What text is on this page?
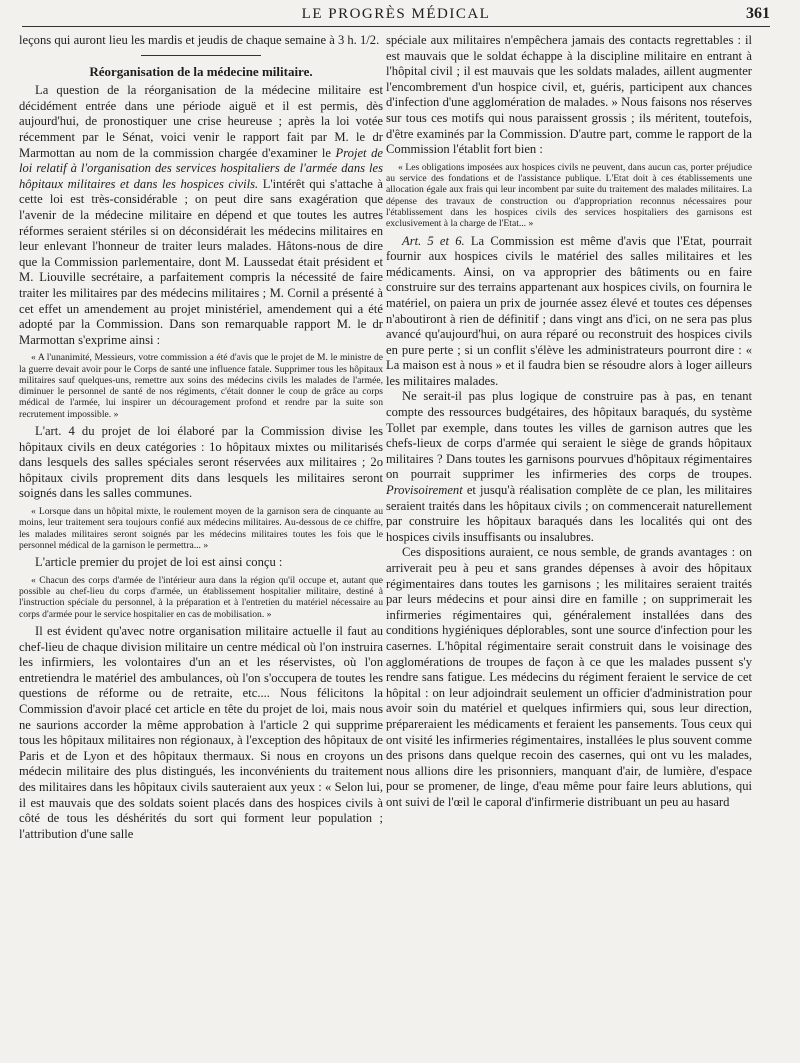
LE PROGRÈS MÉDICAL	361

leçons qui auront lieu les mardis et jeudis de chaque semaine à 3 h. 1/2.

Réorganisation de la médecine militaire.

La question de la réorganisation de la médecine militaire est décidément entrée dans une période aiguë et il est permis, dès aujourd'hui, de pronostiquer une crise heureuse ; après la loi votée récemment par le Sénat, voici venir le rapport fait par M. le dr Marmottan au nom de la commission chargée d'examiner le Projet de loi relatif à l'organisation des services hospitaliers de l'armée dans les hôpitaux militaires et dans les hospices civils. L'intérêt qui s'attache à cette loi est très-considérable ; on peut dire sans exagération que l'avenir de la médecine militaire en dépend et que toutes les autres réformes seraient stériles si on déconsidérait les médecins militaires en leur enlevant l'honneur de traiter leurs malades. Hâtons-nous de dire que la Commission parlementaire, dont M. Laussedat était président et M. Liouville secrétaire, a parfaitement compris la nécessité de faire traiter les militaires par des médecins militaires ; M. Cornil a présenté à cet effet un amendement au projet ministériel, amendement qui a été adopté par la Commission. Dans son remarquable rapport M. le dr Marmottan s'exprime ainsi :

« A l'unanimité, Messieurs, votre commission a été d'avis que le projet de M. le ministre de la guerre devait avoir pour le Corps de santé une influence fatale. Supprimer tous les hôpitaux militaires sauf quelques-uns, remettre aux soins des médecins civils les malades de l'armée, diminuer le personnel de santé de nos régiments, c'était donner le coup de grâce au corps médical de l'armée, lui inspirer un découragement profond et rendre par la suite son recrutement impossible. »

L'art. 4 du projet de loi élaboré par la Commission divise les hôpitaux civils en deux catégories : 1o hôpitaux mixtes ou militarisés dans lesquels des salles spéciales seront réservées aux militaires ; 2o hôpitaux civils proprement dits dans lesquels les militaires seront soignés dans les salles communes.

« Lorsque dans un hôpital mixte, le roulement moyen de la garnison sera de cinquante au moins, leur traitement sera toujours confié aux médecins militaires. Au-dessous de ce chiffre, les malades militaires seront soignés par les médecins militaires toutes les fois que le personnel médical de la garnison le permettra... »

L'article premier du projet de loi est ainsi conçu :

« Chacun des corps d'armée de l'intérieur aura dans la région qu'il occupe et, autant que possible au chef-lieu du corps d'armée, un établissement hospitalier militaire, destiné à l'instruction spéciale du personnel, à la préparation et à l'entretien du matériel nécessaire au corps d'armée pour le service hospitalier en cas de mobilisation. »

Il est évident qu'avec notre organisation militaire actuelle il faut au chef-lieu de chaque division militaire un centre médical où l'on instruira les infirmiers, les volontaires d'un an et les réservistes, où l'on entretiendra le matériel des ambulances, où l'on s'occupera de toutes les questions de réforme ou de retraite, etc.... Nous félicitons la Commission d'avoir placé cet article en tête du projet de loi, mais nous ne saurions accorder la même approbation à l'article 2 qui supprime tous les hôpitaux militaires non régionaux, à l'exception des hôpitaux de Paris et de Lyon et des hôpitaux thermaux. Si nous en croyons un médecin militaire des plus distingués, les inconvénients du traitement des militaires dans les hôpitaux civils sauteraient aux yeux : « Selon lui, il est mauvais que des soldats soient placés dans des hospices civils à côté de tous les déshérités du sort qui forment leur population ; l'attribution d'une salle

spéciale aux militaires n'empêchera jamais des contacts regrettables : il est mauvais que le soldat échappe à la discipline militaire en entrant à l'hôpital civil ; il est mauvais que les soldats malades, aillent augmenter l'encombrement d'un hospice civil, et, guéris, participent aux chances d'infection d'une agglomération de malades. » Nous faisons nos réserves sur tous ces motifs qui nous paraissent grossis ; ils méritent, toutefois, d'être examinés par la Commission. D'autre part, comme le rapport de la Commission l'établit fort bien :

« Les obligations imposées aux hospices civils ne peuvent, dans aucun cas, porter préjudice au service des fondations et de l'assistance publique. L'Etat doit à ces établissements une allocation égale aux frais qui leur incombent par suite du traitement des malades militaires. La dépense des travaux de construction ou d'appropriation reconnus nécessaires pour l'établissement dans les hospices civils des services hospitaliers des garnisons est exclusivement à la charge de l'Etat... »

Art. 5 et 6. La Commission est même d'avis que l'Etat, pourrait fournir aux hospices civils le matériel des salles militaires et les médicaments. Ainsi, on va approprier des bâtiments ou en faire construire sur des terrains appartenant aux hospices civils, on fournira le matériel, on paiera un prix de journée assez élevé et toutes ces dépenses n'aboutiront à rien de définitif ; dans vingt ans d'ici, on ne sera pas plus avancé qu'aujourd'hui, on aura réparé ou reconstruit des hospices civils en pure perte ; si un conflit s'élève les administrateurs pourront dire : « La maison est à nous » et il faudra bien se résoudre alors à loger ailleurs les militaires malades.

Ne serait-il pas plus logique de construire pas à pas, en tenant compte des ressources budgétaires, des hôpitaux baraqués, du système Tollet par exemple, dans toutes les villes de garnison autres que les chefs-lieux de corps d'armée qui seraient le siège de grands hôpitaux militaires ? Dans toutes les garnisons pourvues d'hôpitaux régimentaires on pourrait supprimer les infirmeries des corps de troupes. Provisoirement et jusqu'à réalisation complète de ce plan, les militaires seraient traités dans les hôpitaux civils ; on commencerait naturellement par construire les hôpitaux baraqués dans les localités qui ont des hospices civils insuffisants ou insalubres.

Ces dispositions auraient, ce nous semble, de grands avantages : on arriverait peu à peu et sans grandes dépenses à avoir des hôpitaux régimentaires dans toutes les garnisons ; les militaires seraient traités par leurs médecins et pour ainsi dire en famille ; on supprimerait les infirmeries régimentaires qui, généralement installées dans des conditions hygiéniques déplorables, sont une source d'infection pour les casernes. L'hôpital régimentaire serait construit dans le voisinage des agglomérations de troupes de façon à ce que les malades pussent s'y rendre sans fatigue. Les médecins du régiment feraient le service de cet hôpital : on leur adjoindrait seulement un officier d'administration pour avoir soin du matériel et quelques infirmiers qui, sous leur direction, prépareraient les médicaments et feraient les pansements. Tous ceux qui ont visité les infirmeries régimentaires, installées le plus souvent comme des prisons dans quelque recoin des casernes, qui ont vu les malades, nous allions dire les prisonniers, manquant d'air, de lumière, d'espace pour se promener, de linge, d'eau même pour faire leurs ablutions, qui ont suivi de l'œil le caporal d'infirmerie distribuant un peu au hasard
